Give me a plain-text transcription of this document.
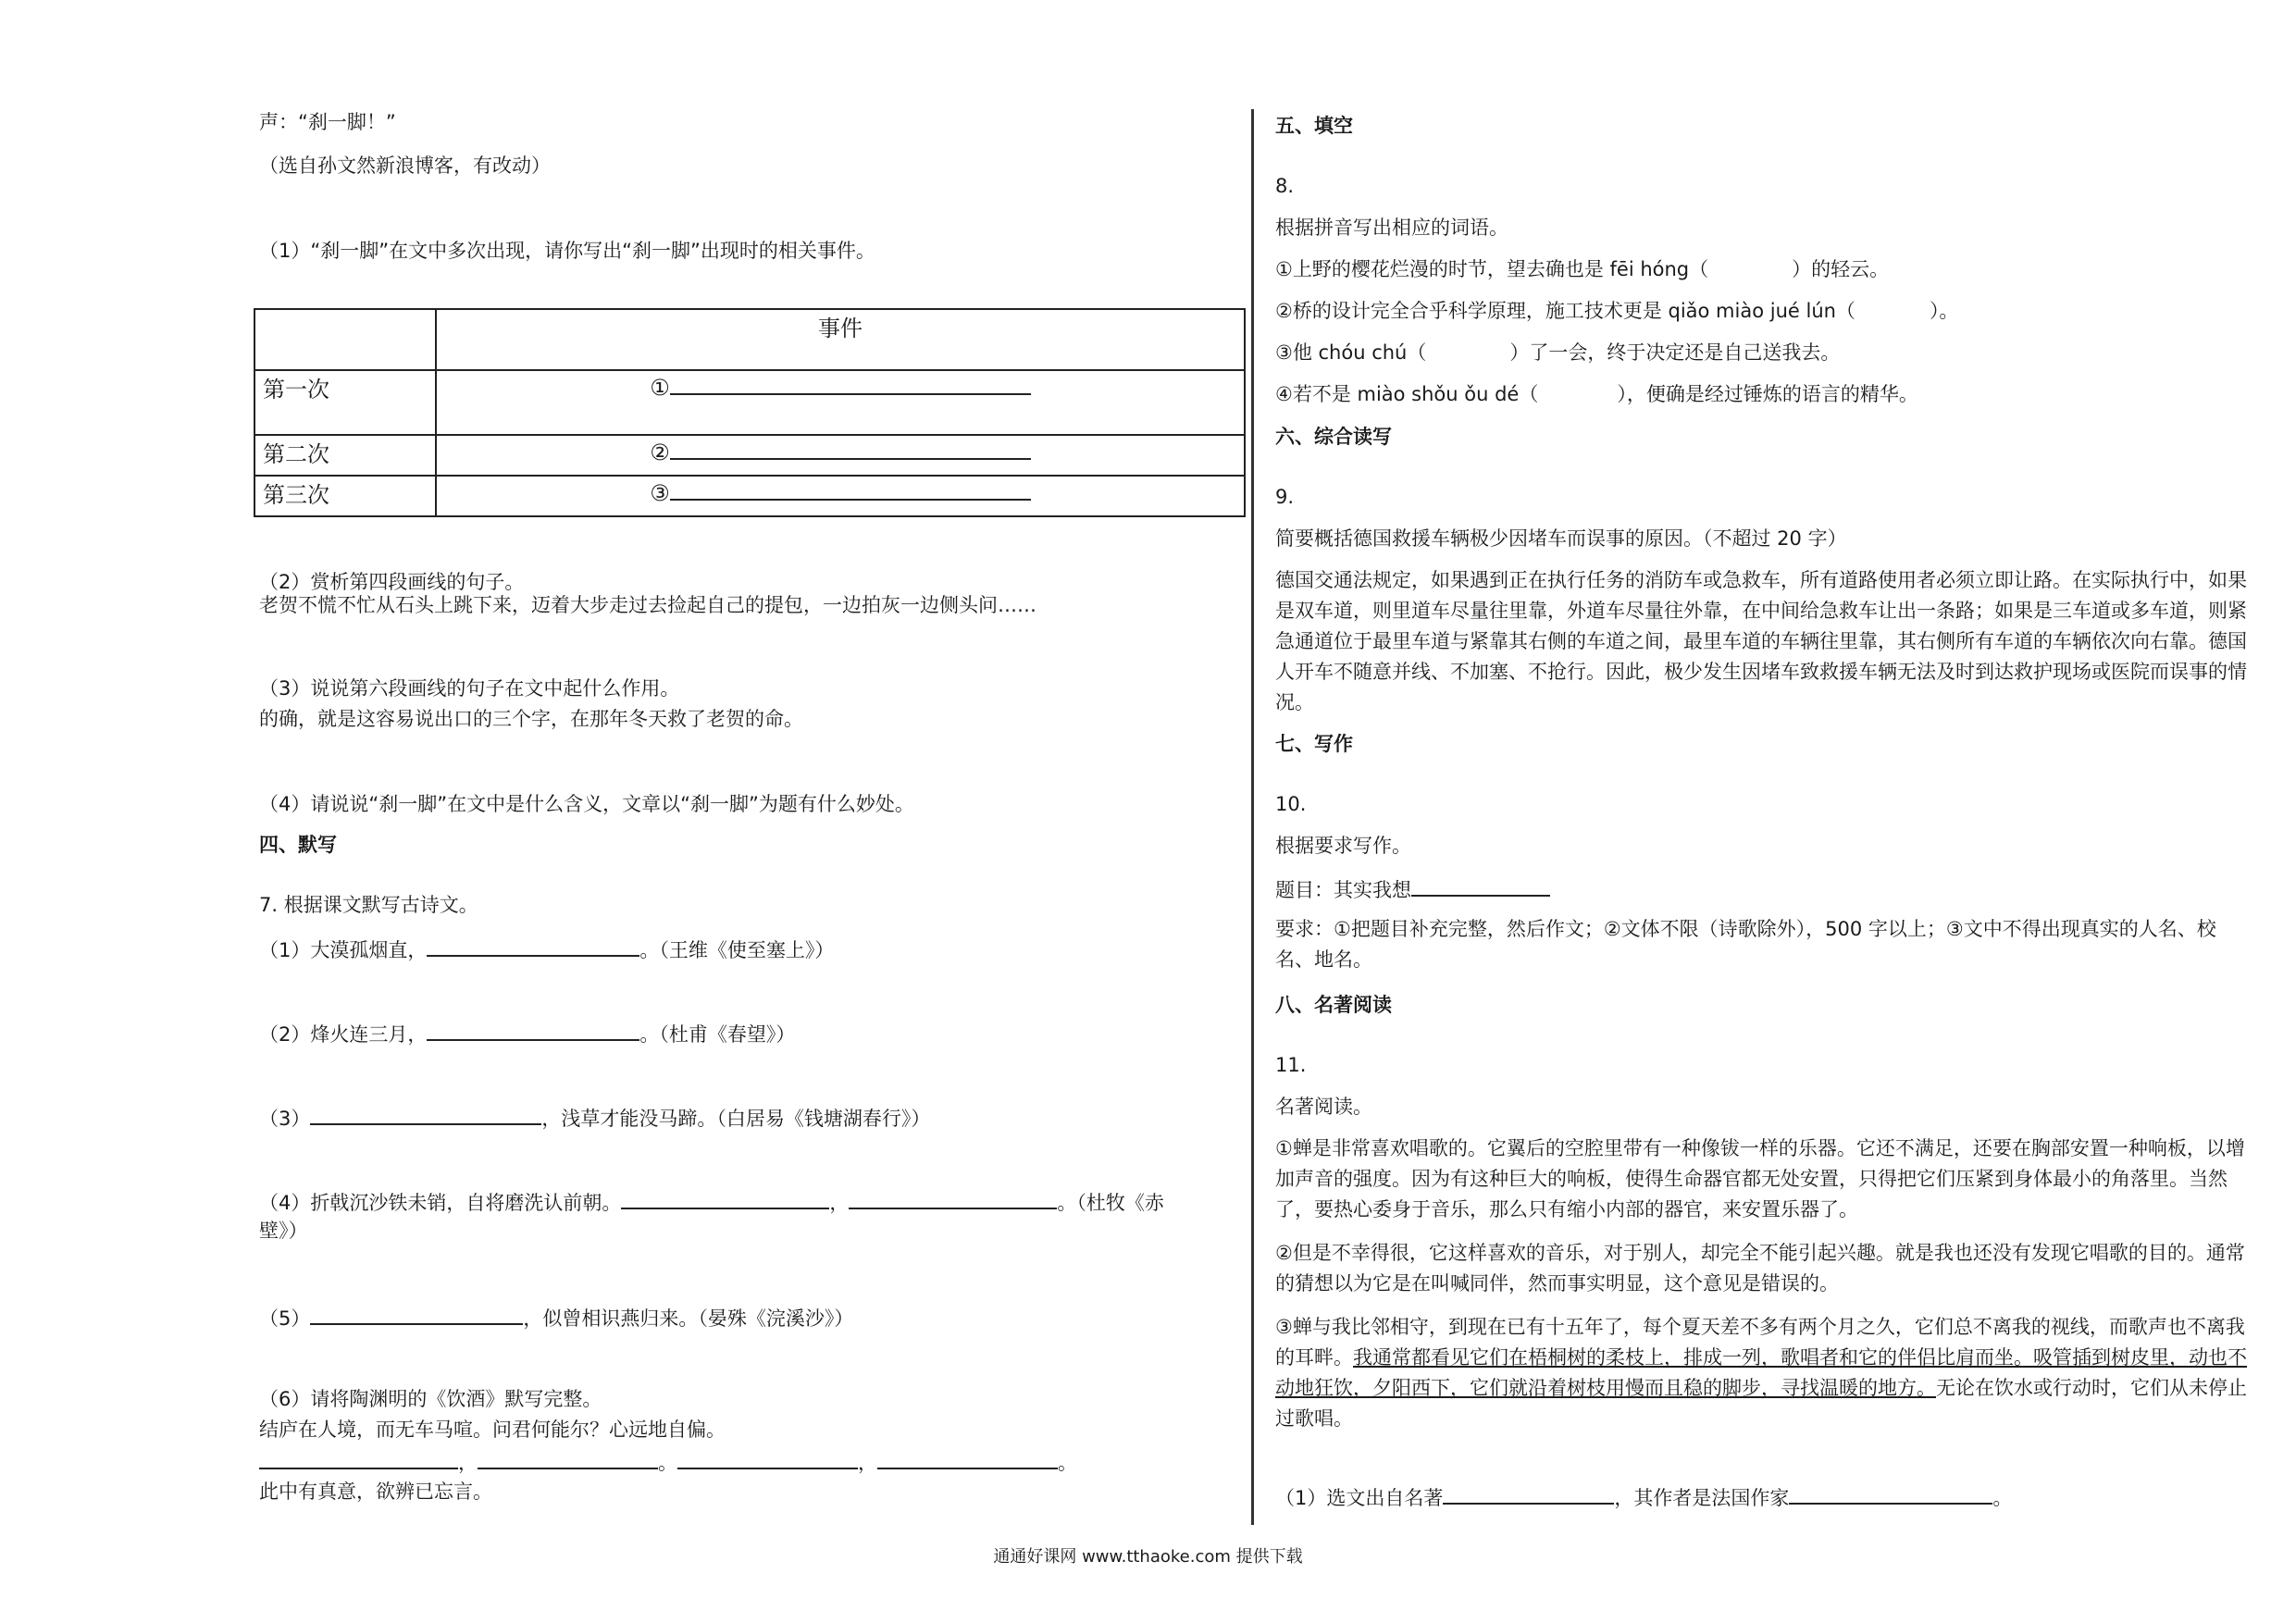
声：“刹一脚！”
（选自孙文然新浪博客，有改动）
（1）“刹一脚”在文中多次出现，请你写出“刹一脚”出现时的相关事件。
（2）赏析第四段画线的句子。
老贺不慌不忙从石头上跳下来，迈着大步走过去捡起自己的提包，一边拍灰一边侧头问……
（3）说说第六段画线的句子在文中起什么作用。
的确，就是这容易说出口的三个字，在那年冬天救了老贺的命。
（4）请说说“刹一脚”在文中是什么含义，文章以“刹一脚”为题有什么妙处。
四、默写
7. 根据课文默写古诗文。
（1）大漠孤烟直，	。（王维《使至塞上》）
（2）烽火连三月，	。（杜甫《春望》）
（3）	，浅草才能没马蹄。（白居易《钱塘湖春行》）
（4）折戟沉沙铁未销，自将磨洗认前朝。	，	。（杜牧《赤
壁》）
（5）	，似曾相识燕归来。（晏殊《浣溪沙》）
（6）请将陶渊明的《饮酒》默写完整。
结庐在人境，而无车马喧。问君何能尔？心远地自偏。
，	。	，	。
此中有真意，欲辨已忘言。
	事件
第一次	①
第二次	②
第三次	③
五、填空
8.
根据拼音写出相应的词语。
①上野的樱花烂漫的时节，望去确也是 fēi hóng（	）的轻云。
②桥的设计完全合乎科学原理，施工技术更是 qiǎo miào jué lún（	）。
③他 chóu chú（	）了一会，终于决定还是自己送我去。
④若不是 miào shǒu ǒu dé（	），便确是经过锤炼的语言的精华。
六、综合读写
9.
简要概括德国救援车辆极少因堵车而误事的原因。（不超过 20 字）
德国交通法规定，如果遇到正在执行任务的消防车或急救车，所有道路使用者必须立即让路。在实际执行中，如果是双车道，则里道车尽量往里靠，外道车尽量往外靠，在中间给急救车让出一条路；如果是三车道或多车道，则紧急通道位于最里车道与紧靠其右侧的车道之间，最里车道的车辆往里靠，其右侧所有车道的车辆依次向右靠。德国人开车不随意并线、不加塞、不抢行。因此，极少发生因堵车致救援车辆无法及时到达救护现场或医院而误事的情况。
七、写作
10.
根据要求写作。
题目：其实我想
要求：①把题目补充完整，然后作文；②文体不限（诗歌除外），500 字以上；③文中不得出现真实的人名、校名、地名。
八、名著阅读
11.
名著阅读。
①蝉是非常喜欢唱歌的。它翼后的空腔里带有一种像钹一样的乐器。它还不满足，还要在胸部安置一种响板，以增加声音的强度。因为有这种巨大的响板，使得生命器官都无处安置，只得把它们压紧到身体最小的角落里。当然了，要热心委身于音乐，那么只有缩小内部的器官，来安置乐器了。
②但是不幸得很，它这样喜欢的音乐，对于别人，却完全不能引起兴趣。就是我也还没有发现它唱歌的目的。通常的猜想以为它是在叫喊同伴，然而事实明显，这个意见是错误的。
③蝉与我比邻相守，到现在已有十五年了，每个夏天差不多有两个月之久，它们总不离我的视线，而歌声也不离我的耳畔。我通常都看见它们在梧桐树的柔枝上，排成一列，歌唱者和它的伴侣比肩而坐。吸管插到树皮里，动也不动地狂饮，夕阳西下，它们就沿着树枝用慢而且稳的脚步，寻找温暖的地方。无论在饮水或行动时，它们从未停止过歌唱。
（1）选文出自名著	，其作者是法国作家	。
通通好课网 www.tthaoke.com 提供下载
